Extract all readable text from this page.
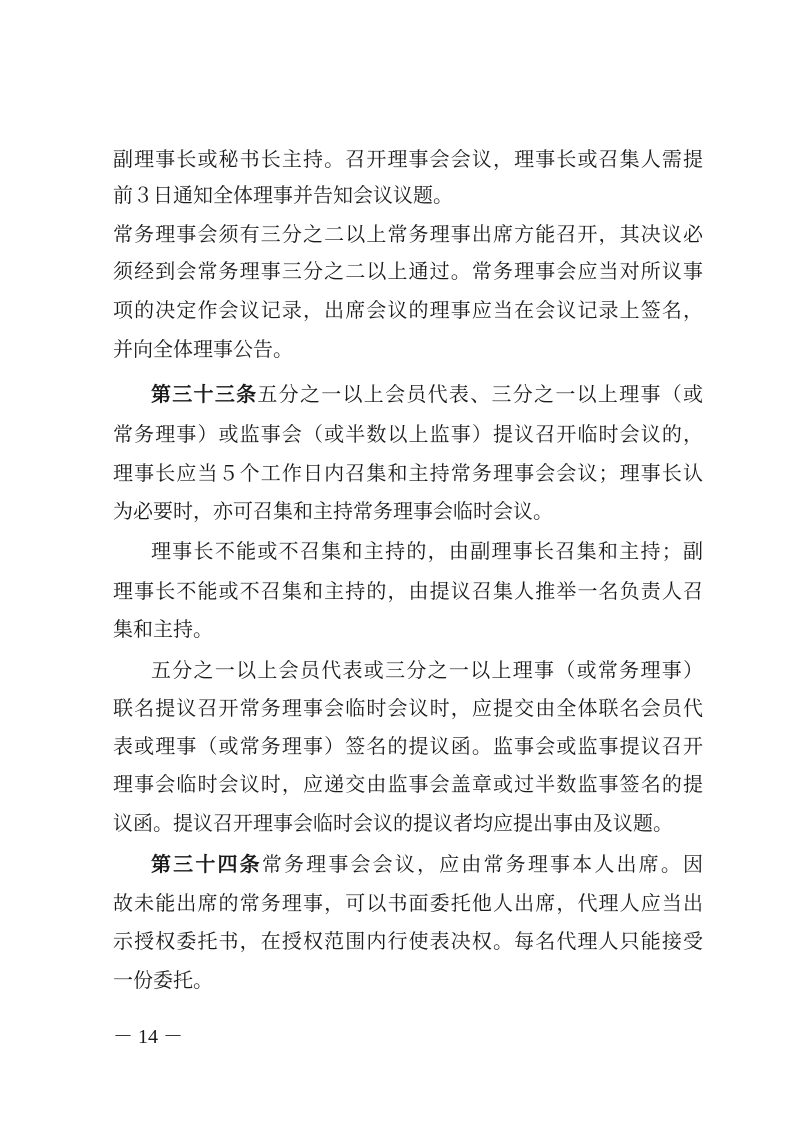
副理事长或秘书长主持。召开理事会会议，理事长或召集人需提
前３日通知全体理事并告知会议议题。
常务理事会须有三分之二以上常务理事出席方能召开，其决议必
须经到会常务理事三分之二以上通过。常务理事会应当对所议事
项的决定作会议记录，出席会议的理事应当在会议记录上签名，
并向全体理事公告。
第三十三条五分之一以上会员代表、三分之一以上理事（或
常务理事）或监事会（或半数以上监事）提议召开临时会议的，
理事长应当５个工作日内召集和主持常务理事会会议；理事长认
为必要时，亦可召集和主持常务理事会临时会议。
理事长不能或不召集和主持的，由副理事长召集和主持；副
理事长不能或不召集和主持的，由提议召集人推举一名负责人召
集和主持。
五分之一以上会员代表或三分之一以上理事（或常务理事）
联名提议召开常务理事会临时会议时，应提交由全体联名会员代
表或理事（或常务理事）签名的提议函。监事会或监事提议召开
理事会临时会议时，应递交由监事会盖章或过半数监事签名的提
议函。提议召开理事会临时会议的提议者均应提出事由及议题。
第三十四条常务理事会会议，应由常务理事本人出席。因
故未能出席的常务理事，可以书面委托他人出席，代理人应当出
示授权委托书，在授权范围内行使表决权。每名代理人只能接受
一份委托。
－ 14 －
